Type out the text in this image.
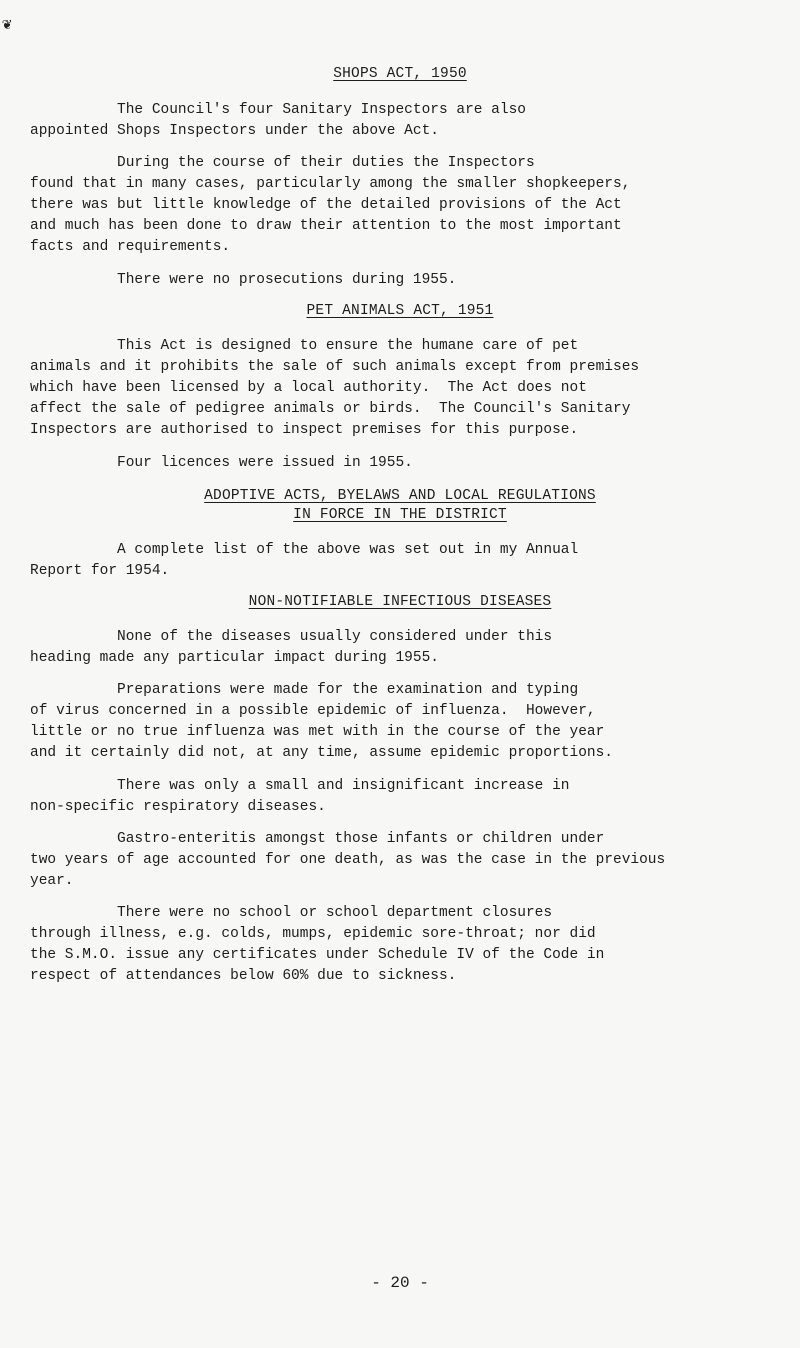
❦
SHOPS ACT, 1950
The Council's four Sanitary Inspectors are also
appointed Shops Inspectors under the above Act.
During the course of their duties the Inspectors
found that in many cases, particularly among the smaller shopkeepers,
there was but little knowledge of the detailed provisions of the Act
and much has been done to draw their attention to the most important
facts and requirements.
There were no prosecutions during 1955.
PET ANIMALS ACT, 1951
This Act is designed to ensure the humane care of pet
animals and it prohibits the sale of such animals except from premises
which have been licensed by a local authority.  The Act does not
affect the sale of pedigree animals or birds.  The Council's Sanitary
Inspectors are authorised to inspect premises for this purpose.
Four licences were issued in 1955.
ADOPTIVE ACTS, BYELAWS AND LOCAL REGULATIONS
IN FORCE IN THE DISTRICT
A complete list of the above was set out in my Annual
Report for 1954.
NON-NOTIFIABLE INFECTIOUS DISEASES
None of the diseases usually considered under this
heading made any particular impact during 1955.
Preparations were made for the examination and typing
of virus concerned in a possible epidemic of influenza.  However,
little or no true influenza was met with in the course of the year
and it certainly did not, at any time, assume epidemic proportions.
There was only a small and insignificant increase in
non-specific respiratory diseases.
Gastro-enteritis amongst those infants or children under
two years of age accounted for one death, as was the case in the previous
year.
There were no school or school department closures
through illness, e.g. colds, mumps, epidemic sore-throat; nor did
the S.M.O. issue any certificates under Schedule IV of the Code in
respect of attendances below 60% due to sickness.
- 20 -
